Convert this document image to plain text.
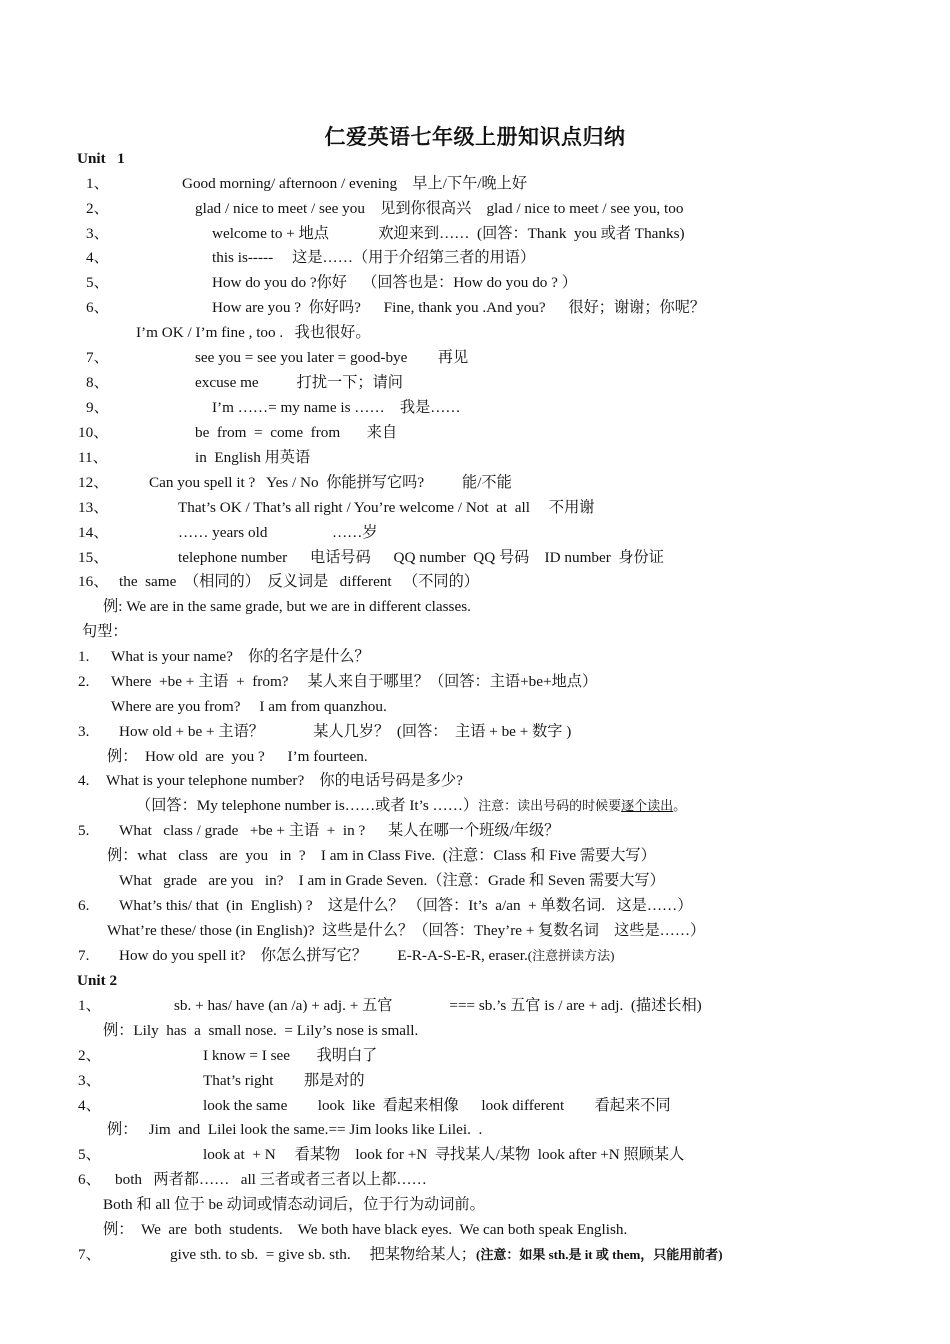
仁爱英语七年级上册知识点归纳
Unit   1
1、	Good morning/ afternoon / evening    早上/下午/晚上好
2、	glad / nice to meet / see you    见到你很高兴    glad / nice to meet / see you, too
3、	welcome to + 地点             欢迎来到……  (回答：Thank  you 或者 Thanks)
4、	this is-----     这是……（用于介绍第三者的用语）
5、	How do you do ?你好    （回答也是：How do you do ? ）
6、	How are you ?  你好吗?      Fine, thank you .And you?      很好；谢谢；你呢？
I’m OK / I’m fine , too .   我也很好。
7、	see you = see you later = good-bye        再见
8、	excuse me          打扰一下；请问
9、	I’m ……= my name is ……    我是……
10、	be  from  =  come  from       来自
11、	in  English 用英语
12、	Can you spell it ?   Yes / No  你能拼写它吗?          能/不能
13、	That’s OK / That’s all right / You’re welcome / Not  at  all     不用谢
14、	…… years old                 ……岁
15、	telephone number      电话号码      QQ number  QQ 号码    ID number  身份证
16、 the  same  （相同的）  反义词是   different   （不同的）
例: We are in the same grade, but we are in different classes.
句型：
1. What is your name?    你的名字是什么？
2. Where  +be + 主语  +  from?     某人来自于哪里？（回答：主语+be+地点）
Where are you from?     I am from quanzhou.
3. How old + be + 主语？             某人几岁？  (回答：  主语 + be + 数字 )
例：  How old  are  you ?      I’m fourteen.
4. What is your telephone number?    你的电话号码是多少?
（回答：My telephone number is……或者 It’s ……）注意：读出号码的时候要逐个读出。
5. What   class / grade   +be + 主语  +  in ?      某人在哪一个班级/年级？
例：what   class   are  you   in  ?    I am in Class Five.  (注意：Class 和 Five 需要大写）
What   grade   are you   in?    I am in Grade Seven.（注意：Grade 和 Seven 需要大写）
6. What’s this/ that  (in  English) ?    这是什么？ （回答：It’s  a/an  + 单数名词.   这是……）
What’re these/ those (in English)?  这些是什么？（回答：They’re + 复数名词    这些是……）
7. How do you spell it?    你怎么拼写它？        E-R-A-S-E-R, eraser.(注意拼读方法)
Unit 2
1、	sb. + has/ have (an /a) + adj. + 五官               === sb.’s 五官 is / are + adj.  (描述长相)
例：Lily  has  a  small nose.  = Lily’s nose is small.
2、	I know = I see       我明白了
3、	That’s right        那是对的
4、	look the same        look  like  看起来相像      look different        看起来不同
例：   Jim  and  Lilei look the same.== Jim looks like Lilei.  .
5、	look at  + N     看某物    look for +N  寻找某人/某物  look after +N 照顾某人
6、 both   两者都……   all 三者或者三者以上都……
Both 和 all 位于 be 动词或情态动词后，位于行为动词前。
例：  We  are  both  students.    We both have black eyes.  We can both speak English.
7、	give sth. to sb.  = give sb. sth.     把某物给某人；(注意：如果 sth.是 it 或 them，只能用前者)
